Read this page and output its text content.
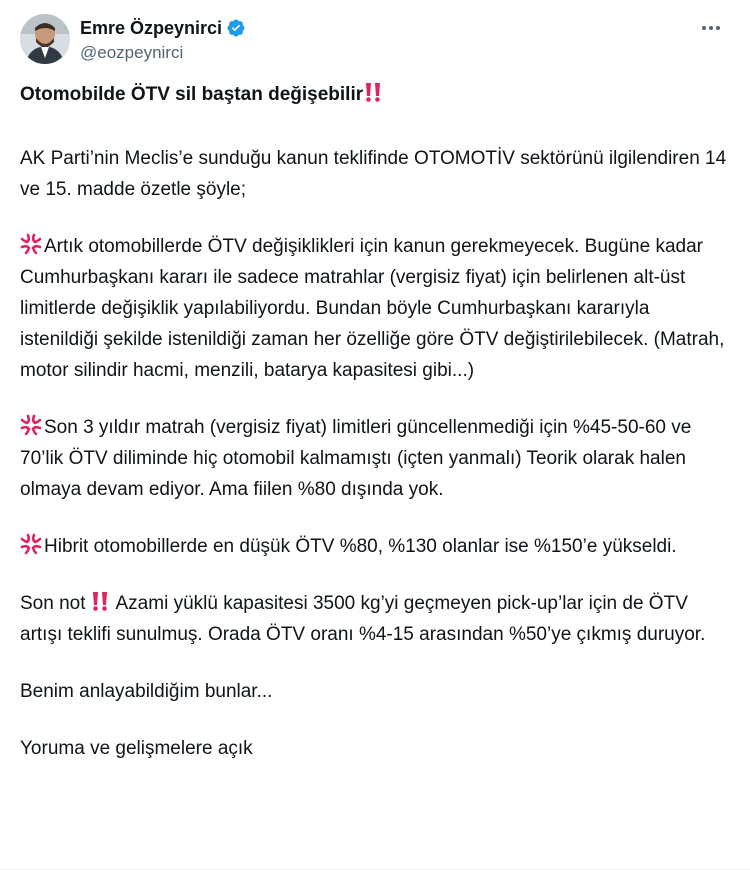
Emre Özpeynirci
@eozpeynirci

Otomobilde ÖTV sil baştan değişebilir

AK Parti’nin Meclis’e sunduğu kanun teklifinde OTOMOTİV sektörünü ilgilendiren 14 ve 15. madde özetle şöyle;

Artık otomobillerde ÖTV değişiklikleri için kanun gerekmeyecek. Bugüne kadar Cumhurbaşkanı kararı ile sadece matrahlar (vergisiz fiyat) için belirlenen alt-üst limitlerde değişiklik yapılabiliyordu. Bundan böyle Cumhurbaşkanı kararıyla istenildiği şekilde istenildiği zaman her özelliğe göre ÖTV değiştirilebilecek. (Matrah, motor silindir hacmi, menzili, batarya kapasitesi gibi...)

Son 3 yıldır matrah (vergisiz fiyat) limitleri güncellenmediği için %45-50-60 ve 70’lik ÖTV diliminde hiç otomobil kalmamıştı (içten yanmalı) Teorik olarak halen olmaya devam ediyor. Ama fiilen %80 dışında yok.

Hibrit otomobillerde en düşük ÖTV %80, %130 olanlar ise %150’e yükseldi.

Son not Azami yüklü kapasitesi 3500 kg’yi geçmeyen pick-up’lar için de ÖTV artışı teklifi sunulmuş. Orada ÖTV oranı %4-15 arasından %50’ye çıkmış duruyor.

Benim anlayabildiğim bunlar...

Yoruma ve gelişmelere açık
